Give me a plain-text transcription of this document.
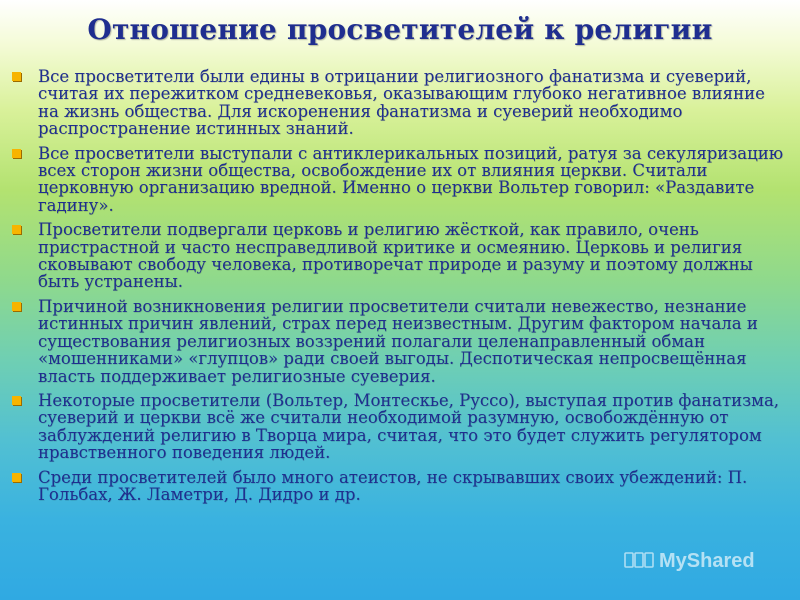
Отношение просветителей к религии
Все просветители были едины в отрицании религиозного фанатизма и суеверий, считая их пережитком средневековья, оказывающим глубоко негативное влияние на жизнь общества. Для искоренения фанатизма и суеверий необходимо распространение истинных знаний.
Все просветители выступали с антиклерикальных позиций, ратуя за секуляризацию всех сторон жизни общества, освобождение их от влияния церкви. Считали церковную организацию вредной. Именно о церкви Вольтер говорил: «Раздавите гадину».
Просветители подвергали церковь и религию жёсткой, как правило, очень пристрастной и часто несправедливой критике и осмеянию. Церковь и религия сковывают свободу человека, противоречат природе и разуму и поэтому должны быть устранены.
Причиной возникновения религии просветители считали невежество, незнание истинных причин явлений, страх перед неизвестным. Другим фактором начала и существования религиозных воззрений полагали целенаправленный обман «мошенниками» «глупцов» ради своей выгоды. Деспотическая непросвещённая власть поддерживает религиозные суеверия.
Некоторые просветители (Вольтер, Монтескье, Руссо), выступая против фанатизма, суеверий и церкви всё же считали необходимой разумную, освобождённую от заблуждений религию в Творца мира, считая, что это будет служить регулятором нравственного поведения людей.
Среди просветителей было много атеистов, не скрывавших своих убеждений: П. Гольбах, Ж. Ламетри, Д. Дидро и др.
MyShared
